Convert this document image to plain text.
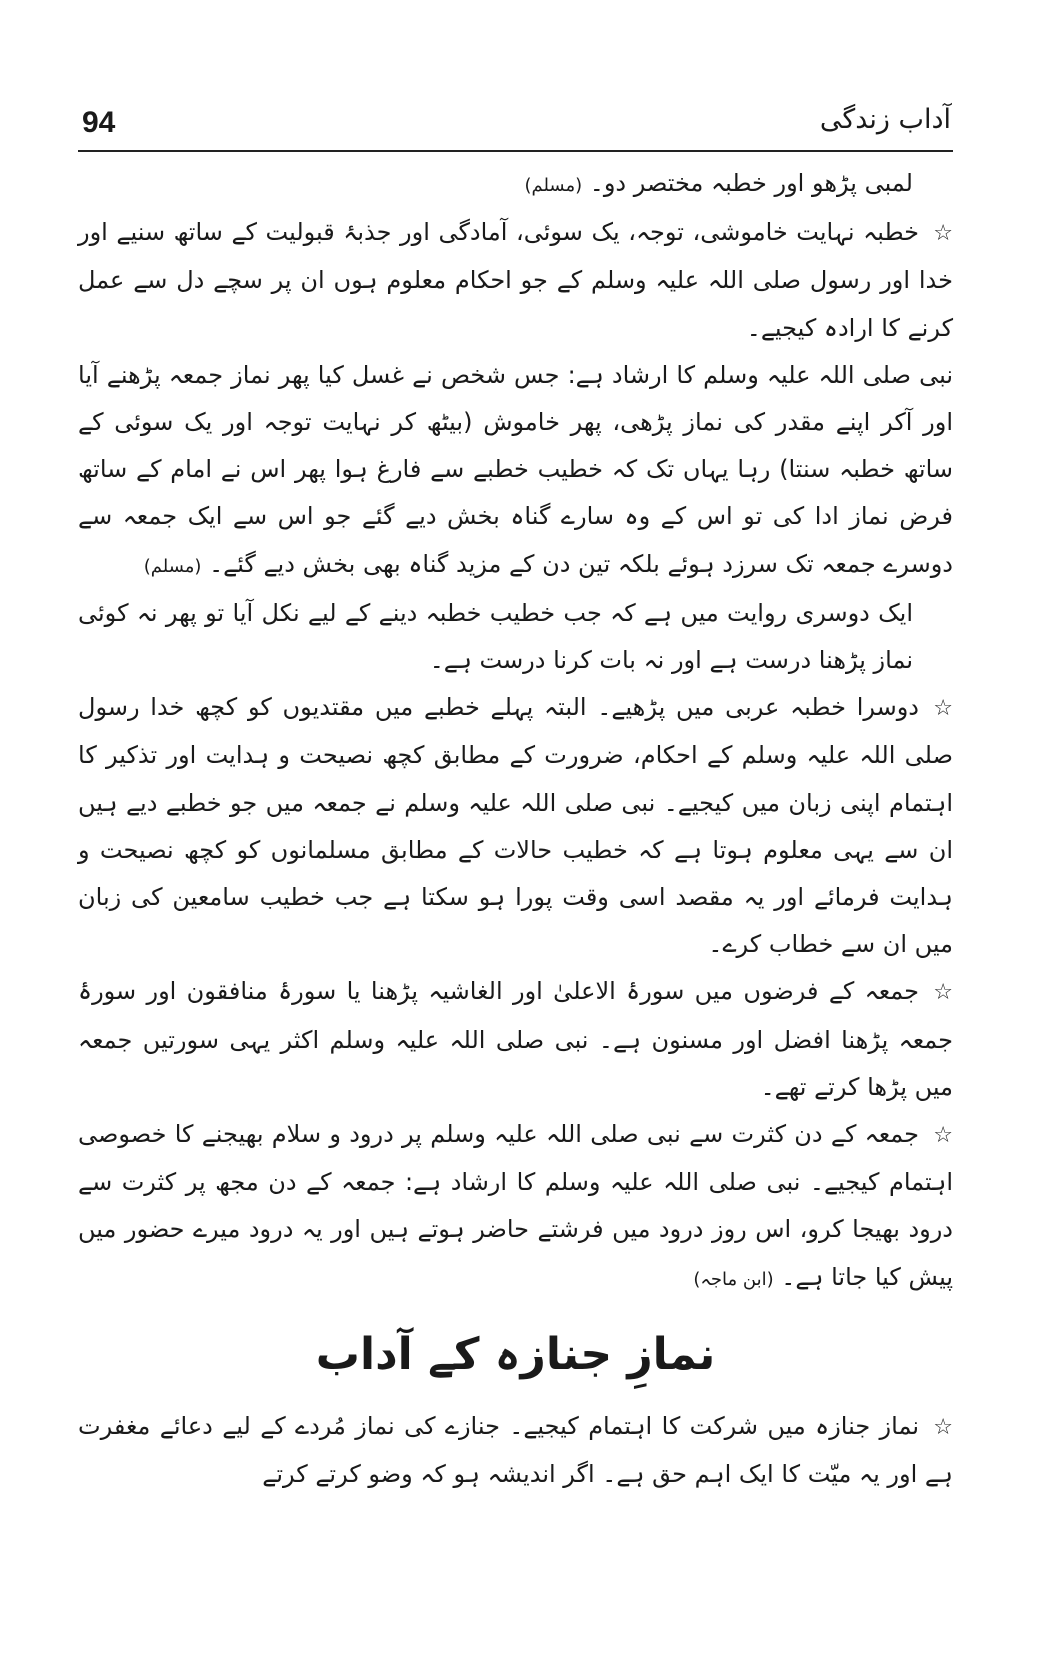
94	آداب زندگی

لمبی پڑھو اور خطبہ مختصر دو۔ (مسلم)

☆خطبہ نہایت خاموشی، توجہ، یک سوئی، آمادگی اور جذبۂ قبولیت کے ساتھ سنیے اور خدا اور رسول صلی اللہ علیہ وسلم کے جو احکام معلوم ہوں ان پر سچے دل سے عمل کرنے کا ارادہ کیجیے۔

نبی صلی اللہ علیہ وسلم کا ارشاد ہے: جس شخص نے غسل کیا پھر نماز جمعہ پڑھنے آیا اور آکر اپنے مقدر کی نماز پڑھی، پھر خاموش (بیٹھ کر نہایت توجہ اور یک سوئی کے ساتھ خطبہ سنتا) رہا یہاں تک کہ خطیب خطبے سے فارغ ہوا پھر اس نے امام کے ساتھ فرض نماز ادا کی تو اس کے وہ سارے گناہ بخش دیے گئے جو اس سے ایک جمعہ سے دوسرے جمعہ تک سرزد ہوئے بلکہ تین دن کے مزید گناہ بھی بخش دیے گئے۔ (مسلم)

ایک دوسری روایت میں ہے کہ جب خطیب خطبہ دینے کے لیے نکل آیا تو پھر نہ کوئی نماز پڑھنا درست ہے اور نہ بات کرنا درست ہے۔

☆دوسرا خطبہ عربی میں پڑھیے۔ البتہ پہلے خطبے میں مقتدیوں کو کچھ خدا رسول صلی اللہ علیہ وسلم کے احکام، ضرورت کے مطابق کچھ نصیحت و ہدایت اور تذکیر کا اہتمام اپنی زبان میں کیجیے۔ نبی صلی اللہ علیہ وسلم نے جمعہ میں جو خطبے دیے ہیں ان سے یہی معلوم ہوتا ہے کہ خطیب حالات کے مطابق مسلمانوں کو کچھ نصیحت و ہدایت فرمائے اور یہ مقصد اسی وقت پورا ہو سکتا ہے جب خطیب سامعین کی زبان میں ان سے خطاب کرے۔

☆جمعہ کے فرضوں میں سورۂ الاعلیٰ اور الغاشیہ پڑھنا یا سورۂ منافقون اور سورۂ جمعہ پڑھنا افضل اور مسنون ہے۔ نبی صلی اللہ علیہ وسلم اکثر یہی سورتیں جمعہ میں پڑھا کرتے تھے۔

☆جمعہ کے دن کثرت سے نبی صلی اللہ علیہ وسلم پر درود و سلام بھیجنے کا خصوصی اہتمام کیجیے۔ نبی صلی اللہ علیہ وسلم کا ارشاد ہے: جمعہ کے دن مجھ پر کثرت سے درود بھیجا کرو، اس روز درود میں فرشتے حاضر ہوتے ہیں اور یہ درود میرے حضور میں پیش کیا جاتا ہے۔ (ابن ماجہ)

نمازِ جنازہ کے آداب

☆نماز جنازہ میں شرکت کا اہتمام کیجیے۔ جنازے کی نماز مُردے کے لیے دعائے مغفرت ہے اور یہ میّت کا ایک اہم حق ہے۔ اگر اندیشہ ہو کہ وضو کرتے کرتے
